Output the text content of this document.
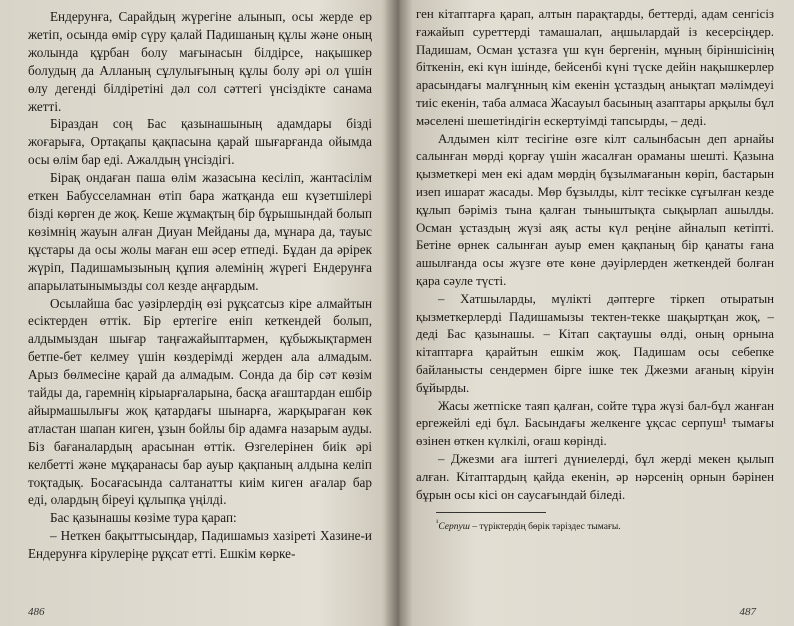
Ендерунға, Сарайдың жүрегіне алынып, осы жерде ер жетіп, осында өмір сүру қалай Падишаның құлы және оның жолында құрбан болу мағынасын білдірсе, нақышкер болудың да Алланың сұлулығының құлы болу әрі ол үшін өлу дегенді білдіретіні дәл сол сәттегі үнсіздікте санама жетті.

Біраздан соң Бас қазынашының адамдары бізді жоғарыға, Ортақапы қақпасына қарай шығарғанда ойымда осы өлім бар еді. Ажалдың үнсіздігі.

Бірақ ондаған паша өлім жазасына кесіліп, жантасілім еткен Бабусселамнан өтіп бара жатқанда еш күзетшілері бізді көрген де жоқ. Кеше жұмақтың бір бұрышындай болып көзімнің жауын алған Диуан Мейданы да, мұнара да, тауыс құстары да осы жолы маған еш әсер етпеді. Бұдан да әрірек жүріп, Падишамызының құпия әлемінің жүрегі Ендерунға апарылатынымызды сол кезде аңғардым.

Осылайша бас уәзірлердің өзі рұқсатсыз кіре алмайтын есіктерден өттік. Бір ертегіге еніп кеткендей болып, алдымыздан шығар таңғажайыптармен, құбыжықтармен бетпе-бет келмеу үшін көздерімді жерден ала алмадым. Арыз бөлмесіне қарай да алмадым. Сонда да бір сәт көзім тайды да, гаремнің кірыарғаларына, басқа ағаштардан ешбір айырмашылығы жоқ қатардағы шынарға, жарқыраған көк атластан шапан киген, ұзын бойлы бір адамға назарым ауды. Біз бағаналардың арасынан өттік. Өзгелерінен биік әрі келбетті және мұқаранасы бар ауыр қақпаның алдына келіп тоқтадық. Босағасында салтанатты киім киген ағалар бар еді, олардың біреуі құлыпқа үңілді.

Бас қазынашы көзіме тура қарап:

– Неткен бақыттысыңдар, Падишамыз хазіреті Хазине-и Ендерунға кірулеріңе рұқсат етті. Ешкім көрке-

486

ген кітаптарға қарап, алтын парақтарды, беттерді, адам сенгісіз ғажайып суреттерді тамашалап, аңшылардай із кесерсіңдер. Падишам, Осман ұстазға үш күн бергенін, мұның біріншісінің біткенін, екі күн ішінде, бейсенбі күні түске дейін нақышкерлер арасындағы малғұнның кім екенін ұстаздың анықтап мәлімдеуі тиіс екенін, таба алмаса Жасауыл басының азаптары арқылы бұл мәселені шешетіндігін ескертуімді тапсырды, – деді.

Алдымен кілт тесігіне өзге кілт салынбасын деп арнайы салынған мөрді қорғау үшін жасалған ораманы шешті. Қазына қызметкері мен екі адам мөрдің бұзылмағанын көріп, бастарын изеп ишарат жасады. Мөр бұзылды, кілт тесікке сұғылған кезде құлып бәріміз тына қалған тыныштықта сықырлап ашылды. Осман ұстаздың жүзі аяқ асты күл реңіне айналып кетіпті. Бетіне өрнек салынған ауыр емен қақпаның бір қанаты ғана ашылғанда осы жүзге өте көне дәуірлерден жеткендей болған қара сәуле түсті.

– Хатшыларды, мүлікті дәптерге тіркеп отыратын қызметкерлерді Падишамызы тектен-текке шақыртқан жоқ, – деді Бас қазынашы. – Кітап сақтаушы өлді, оның орнына кітаптарға қарайтын ешкім жоқ. Падишам осы себепке байланысты сендермен бірге ішке тек Джезми ағаның кіруін бұйырды.

Жасы жетпіске таяп қалған, сойте тұра жүзі бал-бұл жанған ергежейлі еді бұл. Басындағы желкенге ұқсас серпуш¹ тымағы өзінен өткен күлкілі, оғаш көрінді.

– Джезми аға іштегі дүниелерді, бұл жерді мекен қылып алған. Кітаптардың қайда екенін, әр нәрсенің орнын бәрінен бұрын осы кісі он саусағындай біледі.

$^{^1}$Серпуш – түріктердің бөрік тәріздес тымағы.

487
